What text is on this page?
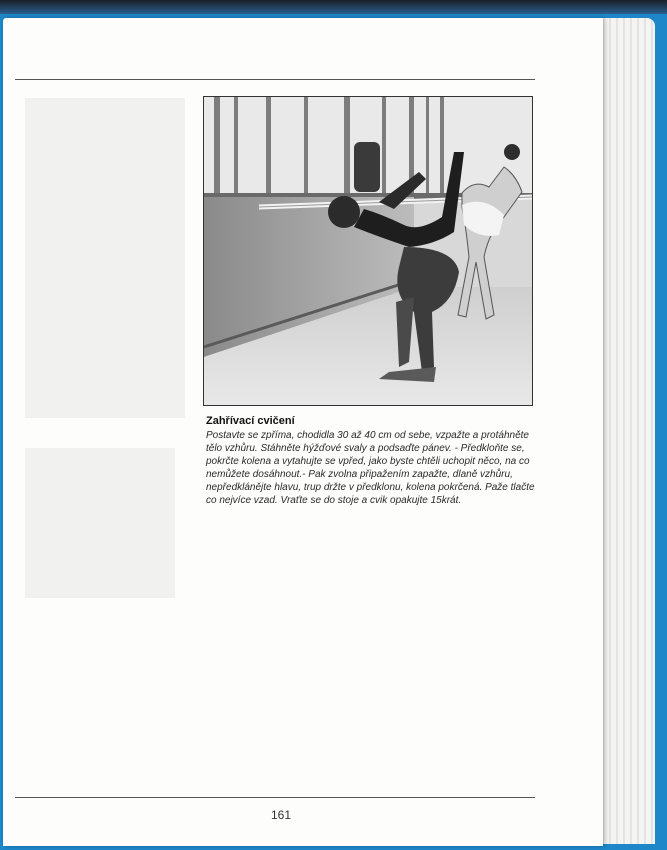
Zahřívací cvičení

Postavte se zpříma, chodidla 30 až 40 cm od sebe, vzpažte a protáhněte tělo vzhůru. Stáhněte hýžďové svaly a podsaďte pánev. - Předkloňte se, pokrčte kolena a vytahujte se vpřed, jako byste chtěli uchopit něco, na co nemůžete dosáhnout.- Pak zvolna připažením zapažte, dlaně vzhůru, nepředklánějte hlavu, trup držte v předklonu, kolena pokrčená. Paže tlačte co nejvíce vzad. Vraťte se do stoje a cvik opakujte 15krát.

161
